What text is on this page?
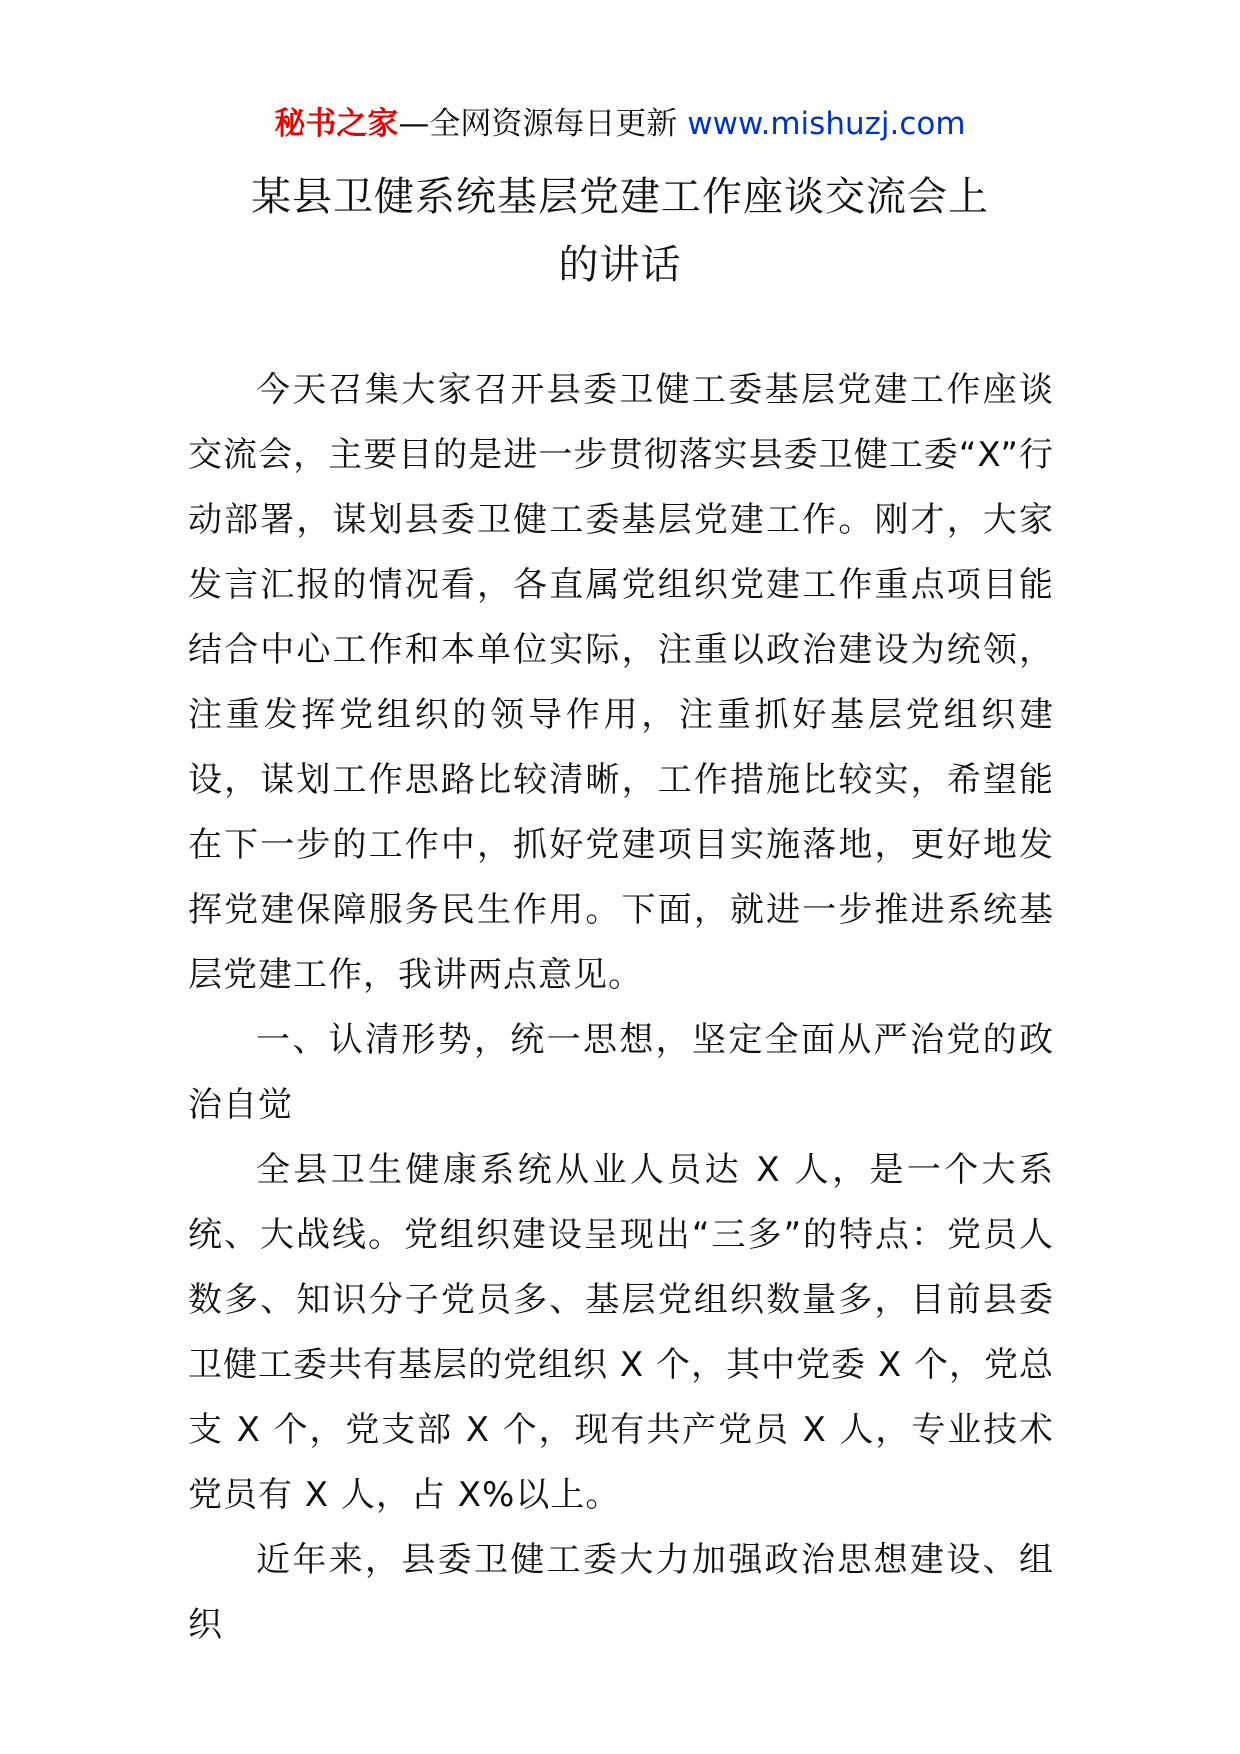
秘书之家—全网资源每日更新 www.mishuzj.com
某县卫健系统基层党建工作座谈交流会上
的讲话

今天召集大家召开县委卫健工委基层党建工作座谈交流会，主要目的是进一步贯彻落实县委卫健工委“X”行动部署，谋划县委卫健工委基层党建工作。刚才，大家发言汇报的情况看，各直属党组织党建工作重点项目能结合中心工作和本单位实际，注重以政治建设为统领，注重发挥党组织的领导作用，注重抓好基层党组织建设，谋划工作思路比较清晰，工作措施比较实，希望能在下一步的工作中，抓好党建项目实施落地，更好地发挥党建保障服务民生作用。下面，就进一步推进系统基层党建工作，我讲两点意见。

一、认清形势，统一思想，坚定全面从严治党的政治自觉

全县卫生健康系统从业人员达 X 人，是一个大系统、大战线。党组织建设呈现出“三多”的特点：党员人数多、知识分子党员多、基层党组织数量多，目前县委卫健工委共有基层的党组织 X 个，其中党委 X 个，党总支 X 个，党支部 X 个，现有共产党员 X 人，专业技术党员有 X 人，占 X%以上。

近年来，县委卫健工委大力加强政治思想建设、组织
